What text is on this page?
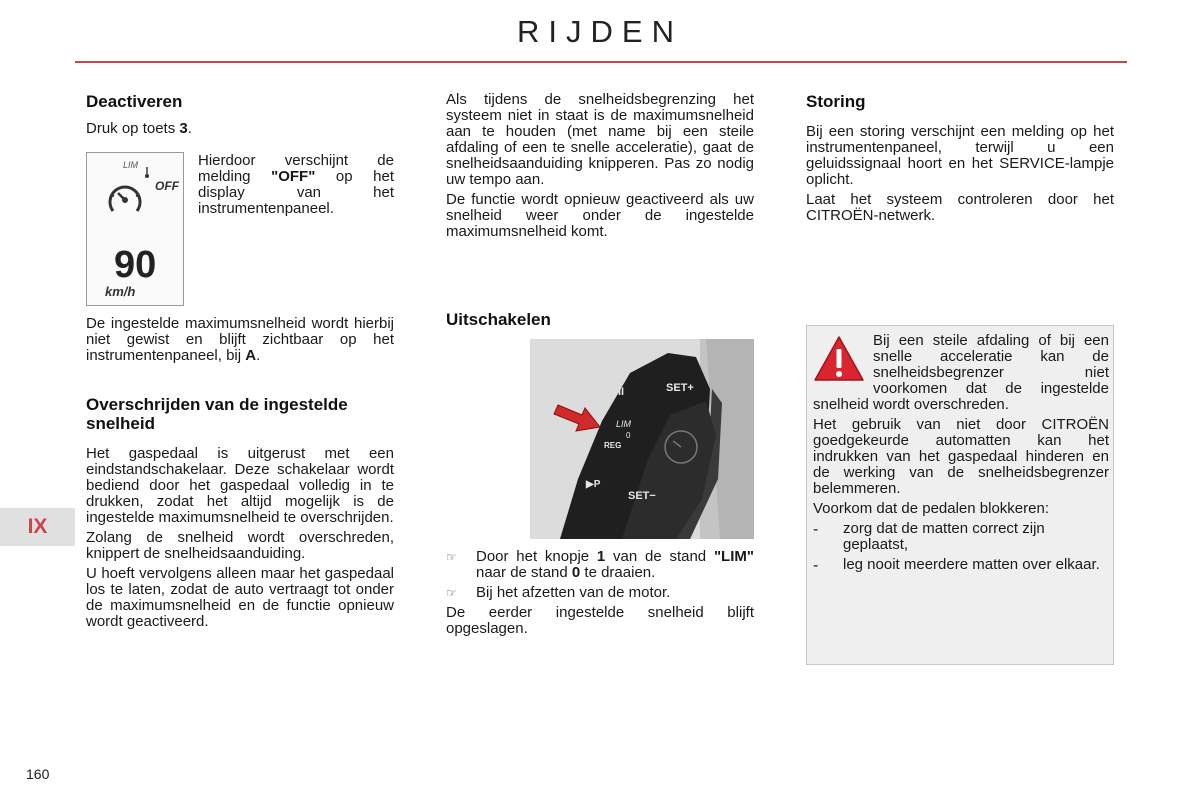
RIJDEN
Deactiveren

Druk op toets 3.

LIM
OFF
90
km/h

Hierdoor verschijnt de melding "OFF" op het display van het instrumentenpaneel.

De ingestelde maximumsnelheid wordt hierbij niet gewist en blijft zichtbaar op het instrumentenpaneel, bij A.

Overschrijden van de ingestelde snelheid

Het gaspedaal is uitgerust met een eindstandschakelaar. Deze schakelaar wordt bediend door het gaspedaal volledig in te drukken, zodat het altijd mogelijk is de ingestelde maximumsnelheid te overschrijden.

Zolang de snelheid wordt overschreden, knippert de snelheidsaanduiding.

U hoeft vervolgens alleen maar het gaspedaal los te laten, zodat de auto vertraagt tot onder de maximumsnelheid en de functie opnieuw wordt geactiveerd.

Als tijdens de snelheidsbegrenzing het systeem niet in staat is de maximumsnelheid aan te houden (met name bij een steile afdaling of een te snelle acceleratie), gaat de snelheidsaanduiding knipperen. Pas zo nodig uw tempo aan.

De functie wordt opnieuw geactiveerd als uw snelheid weer onder de ingestelde maximumsnelheid komt.

Uitschakelen
SET+
II
LIM
0
REG
▶P
SET−
☞	Door het knopje 1 van de stand "LIM" naar de stand 0 te draaien.

☞	Bij het afzetten van de motor.

De eerder ingestelde snelheid blijft opgeslagen.

Storing

Bij een storing verschijnt een melding op het instrumentenpaneel, terwijl u een geluidssignaal hoort en het SERVICE-lampje oplicht.

Laat het systeem controleren door het CITROËN-netwerk.

Bij een steile afdaling of bij een snelle acceleratie kan de snelheidsbegrenzer niet voorkomen dat de ingestelde snelheid wordt overschreden.

Het gebruik van niet door CITROËN goedgekeurde automatten kan het indrukken van het gaspedaal hinderen en de werking van de snelheidsbegrenzer belemmeren.

Voorkom dat de pedalen blokkeren:

-	zorg dat de matten correct zijn geplaatst,

-	leg nooit meerdere matten over elkaar.

IX
160
